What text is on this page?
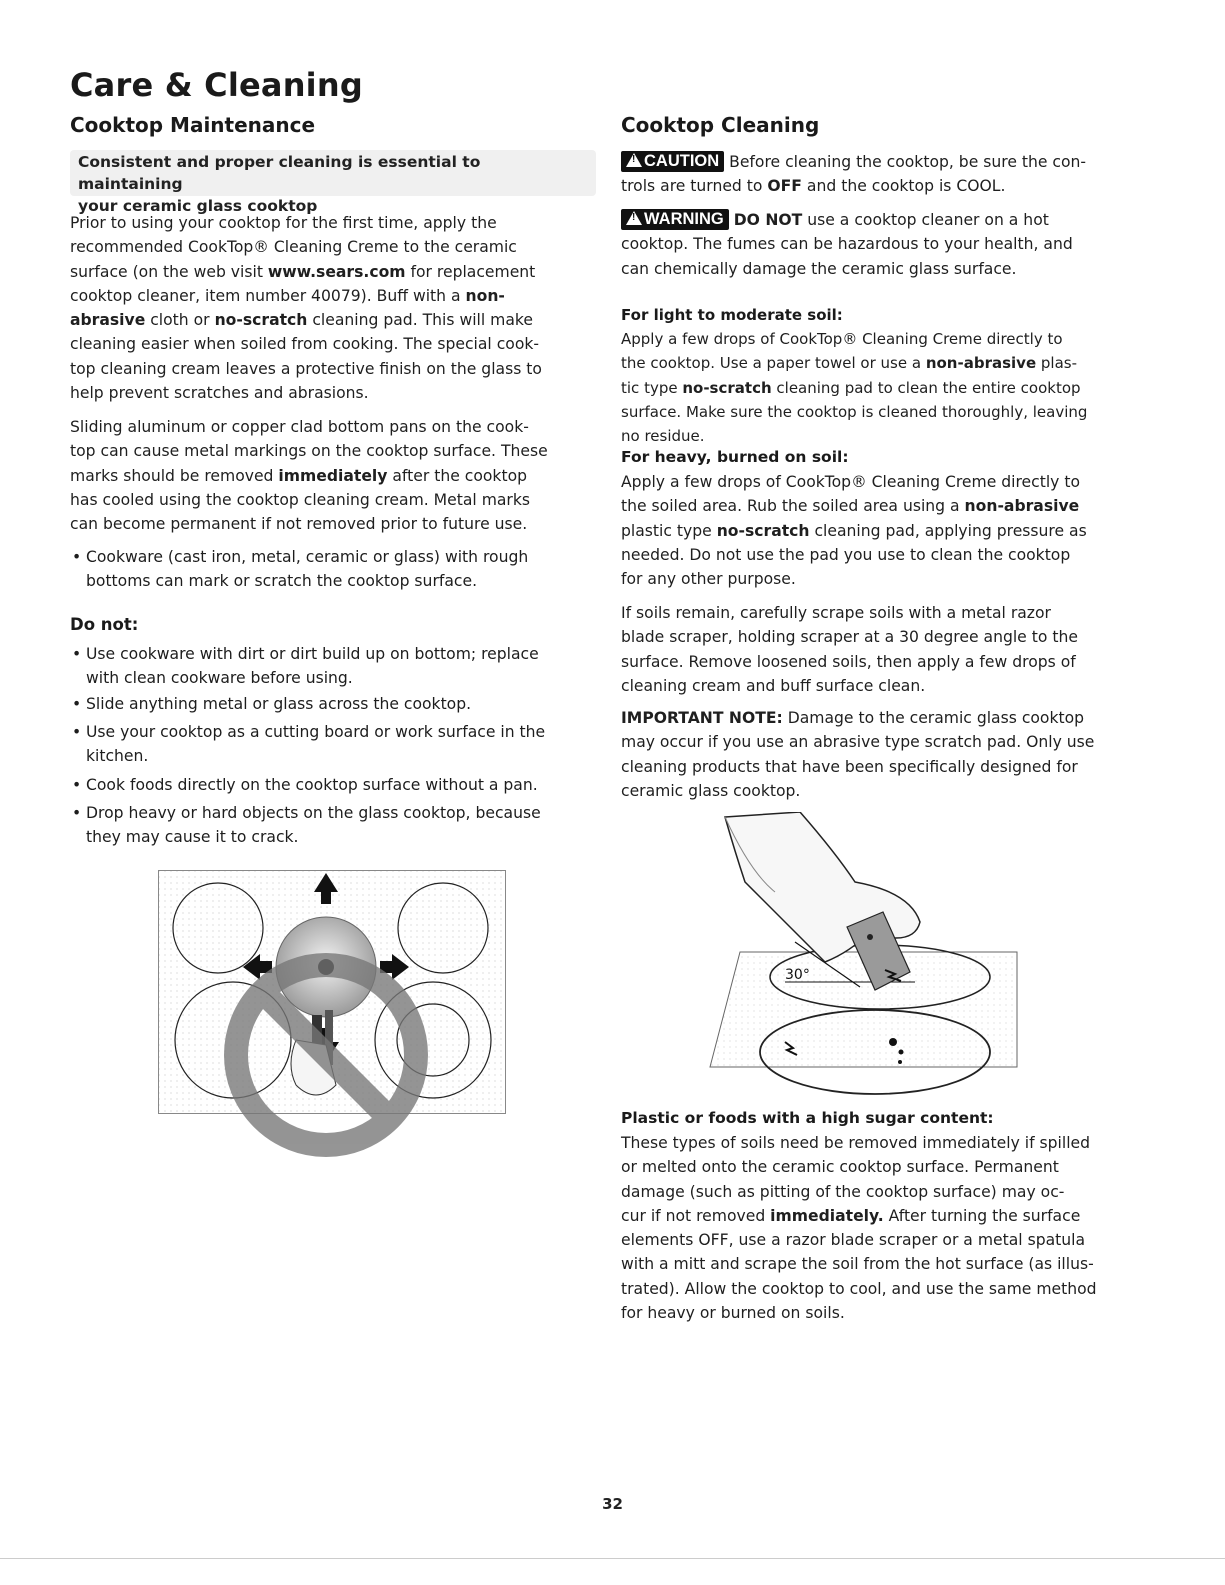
Care & Cleaning
Cooktop Maintenance
Consistent and proper cleaning is essential to maintaining
your ceramic glass cooktop

Prior to using your cooktop for the first time, apply the
recommended CookTop® Cleaning Creme to the ceramic
surface (on the web visit www.sears.com for replacement
cooktop cleaner, item number 40079). Buff with a non-
abrasive cloth or no-scratch cleaning pad. This will make
cleaning easier when soiled from cooking. The special cook-
top cleaning cream leaves a protective finish on the glass to
help prevent scratches and abrasions.

Sliding aluminum or copper clad bottom pans on the cook-
top can cause metal markings on the cooktop surface. These
marks should be removed immediately after the cooktop
has cooled using the cooktop cleaning cream. Metal marks
can become permanent if not removed prior to future use.

• Cookware (cast iron, metal, ceramic or glass) with rough
bottoms can mark or scratch the cooktop surface.

Do not:

• Use cookware with dirt or dirt build up on bottom; replace
with clean cookware before using.

• Slide anything metal or glass across the cooktop.

• Use your cooktop as a cutting board or work surface in the
kitchen.

• Cook foods directly on the cooktop surface without a pan.

• Drop heavy or hard objects on the glass cooktop, because
they may cause it to crack.

Cooktop Cleaning

!CAUTION Before cleaning the cooktop, be sure the con-
trols are turned to OFF and the cooktop is COOL.

!WARNING DO NOT use a cooktop cleaner on a hot
cooktop. The fumes can be hazardous to your health, and
can chemically damage the ceramic glass surface.

For light to moderate soil:

Apply a few drops of CookTop® Cleaning Creme directly to
the cooktop. Use a paper towel or use a non-abrasive plas-
tic type no-scratch cleaning pad to clean the entire cooktop
surface. Make sure the cooktop is cleaned thoroughly, leaving
no residue.

For heavy, burned on soil:

Apply a few drops of CookTop® Cleaning Creme directly to
the soiled area. Rub the soiled area using a non-abrasive
plastic type no-scratch cleaning pad, applying pressure as
needed. Do not use the pad you use to clean the cooktop
for any other purpose.

If soils remain, carefully scrape soils with a metal razor
blade scraper, holding scraper at a 30 degree angle to the
surface. Remove loosened soils, then apply a few drops of
cleaning cream and buff surface clean.

IMPORTANT NOTE: Damage to the ceramic glass cooktop
may occur if you use an abrasive type scratch pad. Only use
cleaning products that have been specifically designed for
ceramic glass cooktop.

30°
Plastic or foods with a high sugar content:

These types of soils need be removed immediately if spilled
or melted onto the ceramic cooktop surface. Permanent
damage (such as pitting of the cooktop surface) may oc-
cur if not removed immediately. After turning the surface
elements OFF, use a razor blade scraper or a metal spatula
with a mitt and scrape the soil from the hot surface (as illus-
trated). Allow the cooktop to cool, and use the same method
for heavy or burned on soils.

32
